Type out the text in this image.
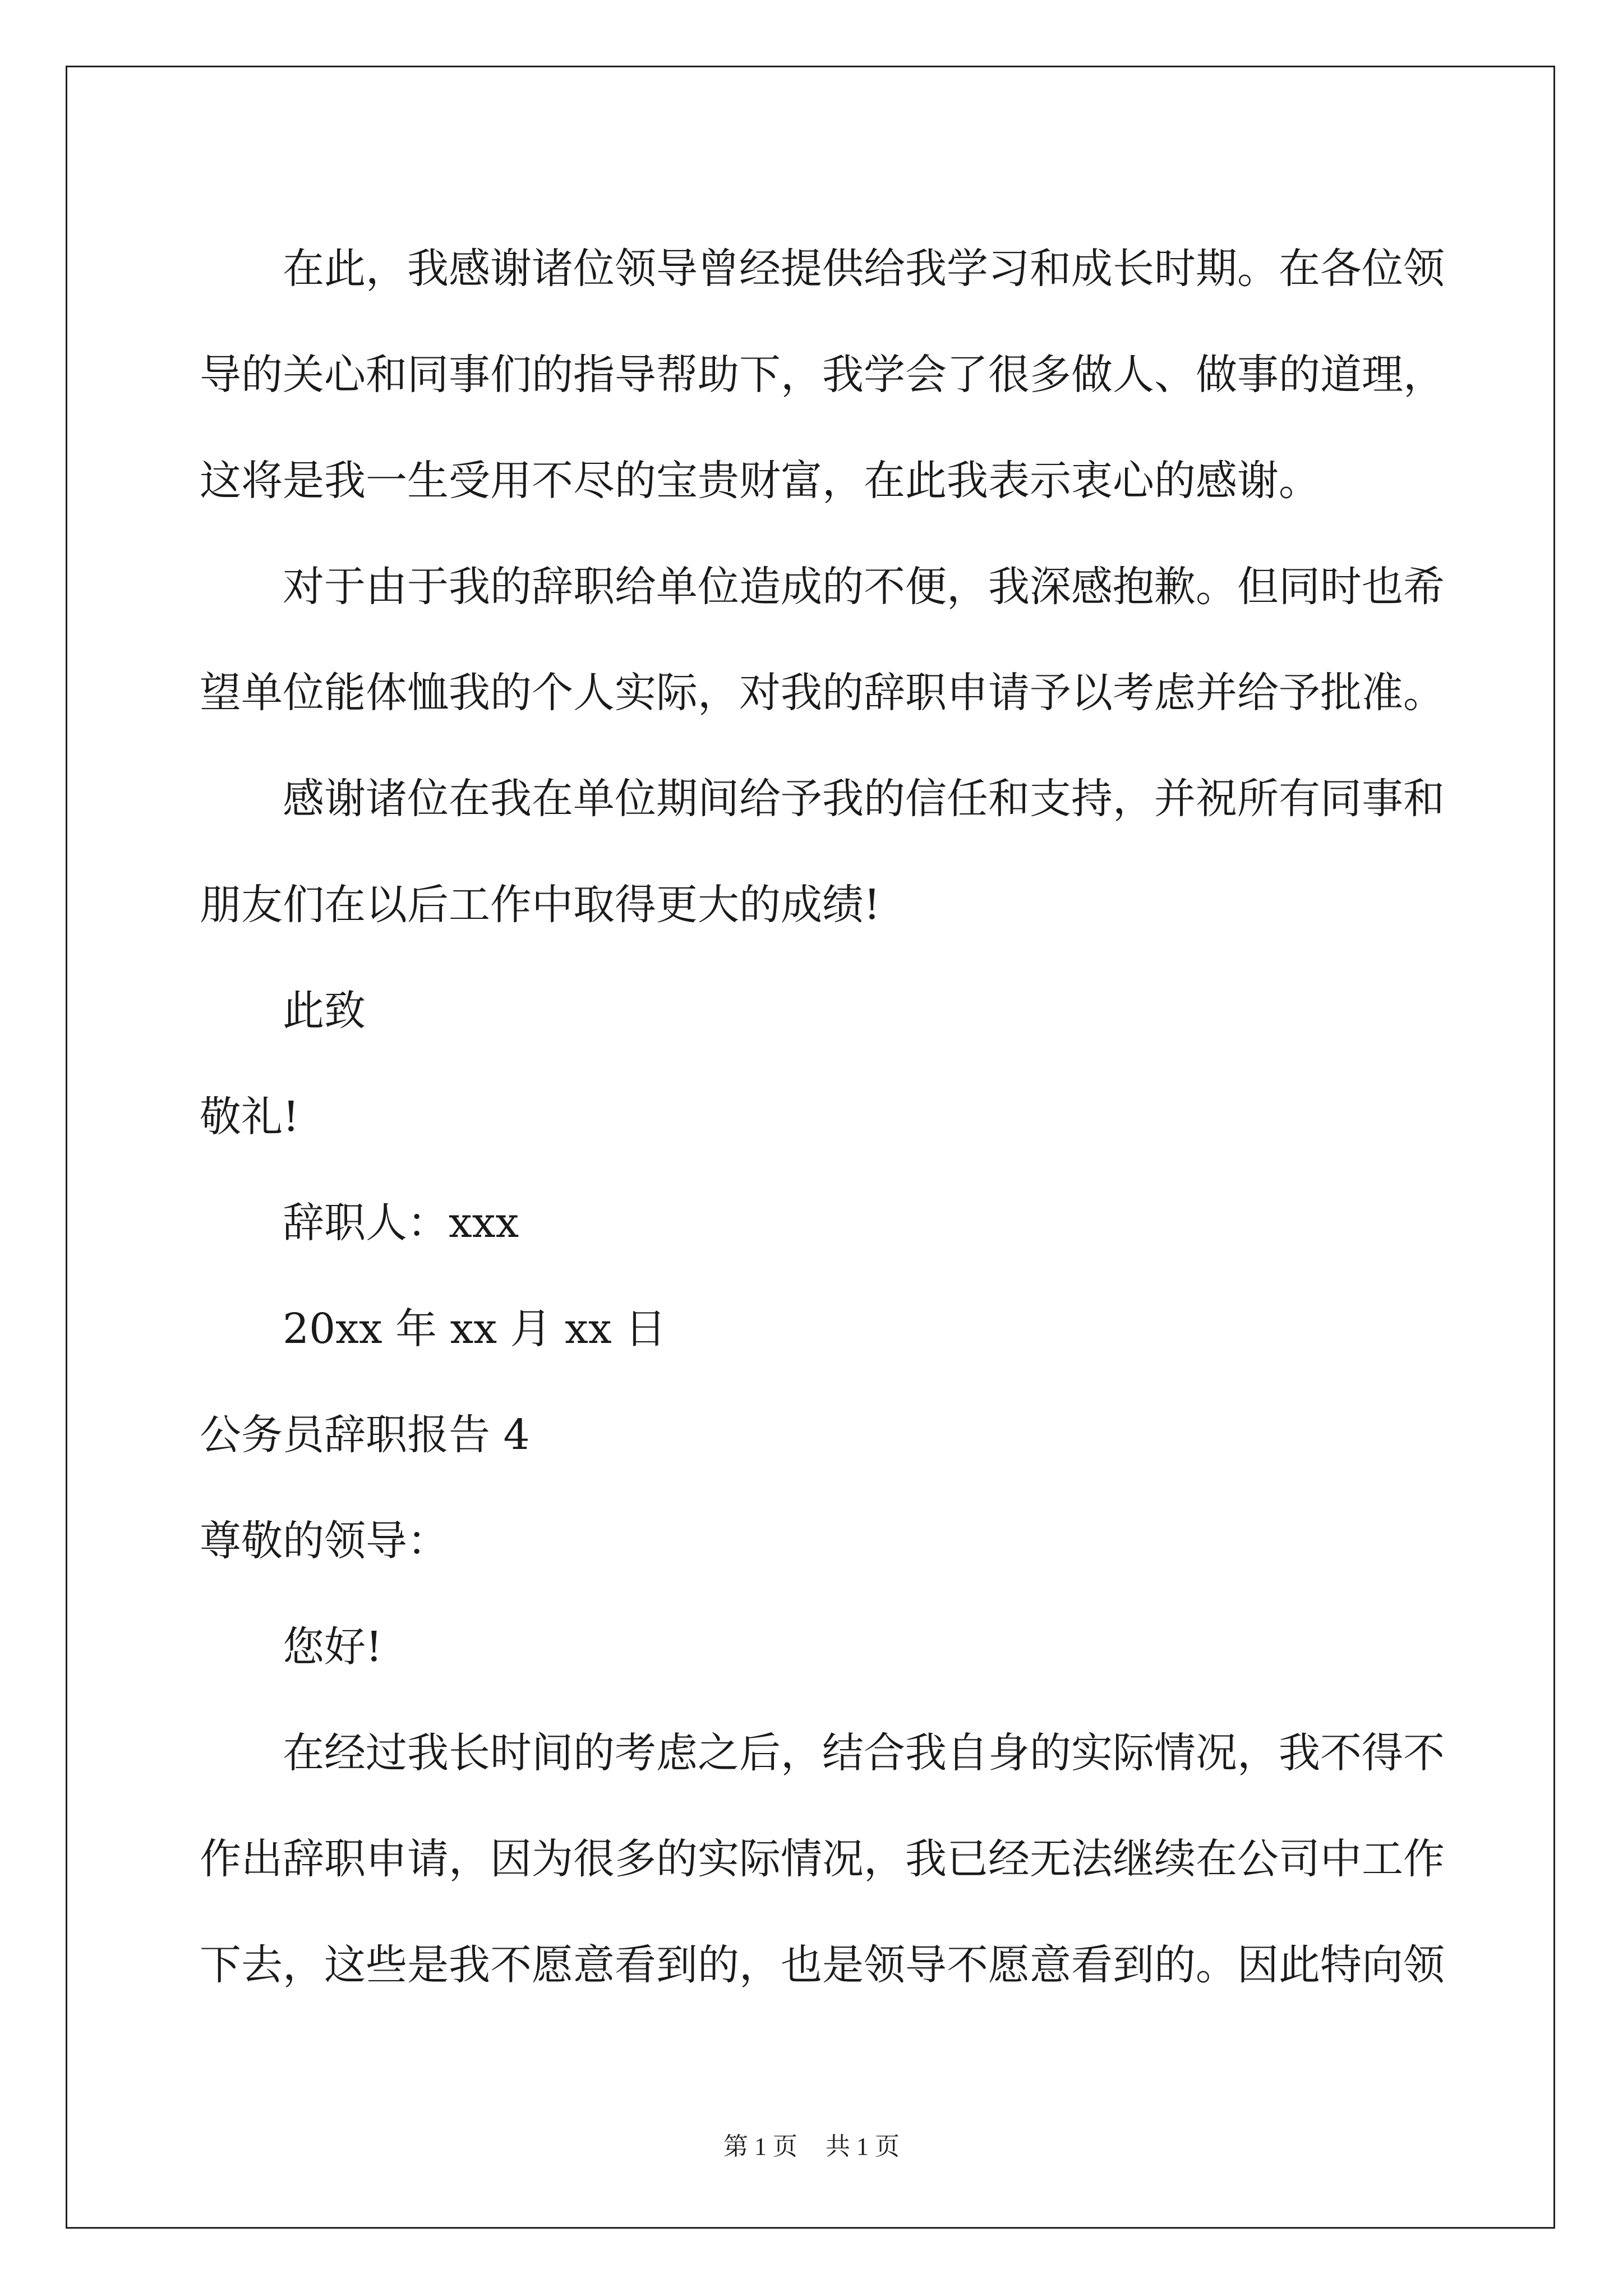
在此，我感谢诸位领导曾经提供给我学习和成长时期。在各位领
导的关心和同事们的指导帮助下，我学会了很多做人、做事的道理，
这将是我一生受用不尽的宝贵财富，在此我表示衷心的感谢。
对于由于我的辞职给单位造成的不便，我深感抱歉。但同时也希
望单位能体恤我的个人实际，对我的辞职申请予以考虑并给予批准。
感谢诸位在我在单位期间给予我的信任和支持，并祝所有同事和
朋友们在以后工作中取得更大的成绩!
此致
敬礼!
辞职人：xxx
20xx 年 xx 月 xx 日
公务员辞职报告 4
尊敬的领导：
您好!
在经过我长时间的考虑之后，结合我自身的实际情况，我不得不
作出辞职申请，因为很多的实际情况，我已经无法继续在公司中工作
下去，这些是我不愿意看到的，也是领导不愿意看到的。因此特向领
第 1 页 共 1 页
